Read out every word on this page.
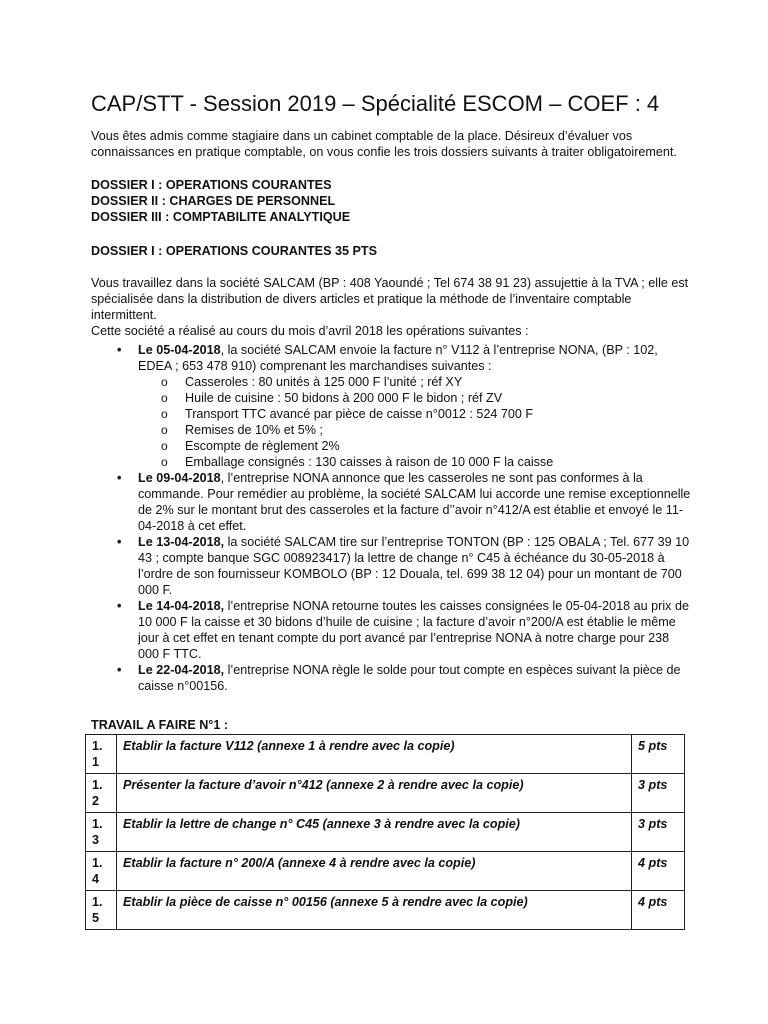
CAP/STT - Session 2019 – Spécialité ESCOM – COEF : 4
Vous êtes admis comme stagiaire dans un cabinet comptable de la place. Désireux d’évaluer vos connaissances en pratique comptable, on vous confie les trois dossiers suivants à traiter obligatoirement.
DOSSIER I : OPERATIONS COURANTES
DOSSIER II : CHARGES DE PERSONNEL
DOSSIER III : COMPTABILITE ANALYTIQUE
DOSSIER I : OPERATIONS COURANTES 35 PTS

Vous travaillez dans la société SALCAM (BP : 408 Yaoundé ; Tel 674 38 91 23) assujettie à la TVA ; elle est spécialisée dans la distribution de divers articles et pratique la méthode de l’inventaire comptable intermittent.

Cette société a réalisé au cours du mois d’avril 2018 les opérations suivantes :

• Le 05-04-2018, la société SALCAM envoie la facture n° V112 à l’entreprise NONA, (BP : 102, EDEA ; 653 478 910) comprenant les marchandises suivantes :
o Casseroles : 80 unités à 125 000 F l’unité ; réf XY
o Huile de cuisine : 50 bidons à 200 000 F le bidon ; réf ZV
o Transport TTC avancé par pièce de caisse n°0012 : 524 700 F
o Remises de 10% et 5% ;
o Escompte de règlement 2%
o Emballage consignés : 130 caisses à raison de 10 000 F la caisse
• Le 09-04-2018, l’entreprise NONA annonce que les casseroles ne sont pas conformes à la commande. Pour remédier au problème, la société SALCAM lui accorde une remise exceptionnelle de 2% sur le montant brut des casseroles et la facture d’’avoir n°412/A est établie et envoyé le 11-04-2018 à cet effet.
• Le 13-04-2018, la société SALCAM tire sur l’entreprise TONTON (BP : 125 OBALA ; Tel. 677 39 10 43 ; compte banque SGC 008923417) la lettre de change n° C45 à échéance du 30-05-2018 à l’ordre de son fournisseur KOMBOLO (BP : 12 Douala, tel. 699 38 12 04) pour un montant de 700 000 F.
• Le 14-04-2018, l’entreprise NONA retourne toutes les caisses consignées le 05-04-2018 au prix de 10 000 F la caisse et 30 bidons d’huile de cuisine ; la facture d’avoir n°200/A est établie le même jour à cet effet en tenant compte du port avancé par l’entreprise NONA à notre charge pour 238 000 F TTC.
• Le 22-04-2018, l’entreprise NONA règle le solde pour tout compte en espèces suivant la pièce de caisse n°00156.
TRAVAIL A FAIRE N°1 :
1. 1	Etablir la facture V112 (annexe 1 à rendre avec la copie)	5 pts
1. 2	Présenter la facture d’avoir n°412 (annexe 2 à rendre avec la copie)	3 pts
1. 3	Etablir la lettre de change n° C45 (annexe 3 à rendre avec la copie)	3 pts
1. 4	Etablir la facture n° 200/A (annexe 4 à rendre avec la copie)	4 pts
1. 5	Etablir la pièce de caisse n° 00156 (annexe 5 à rendre avec la copie)	4 pts
